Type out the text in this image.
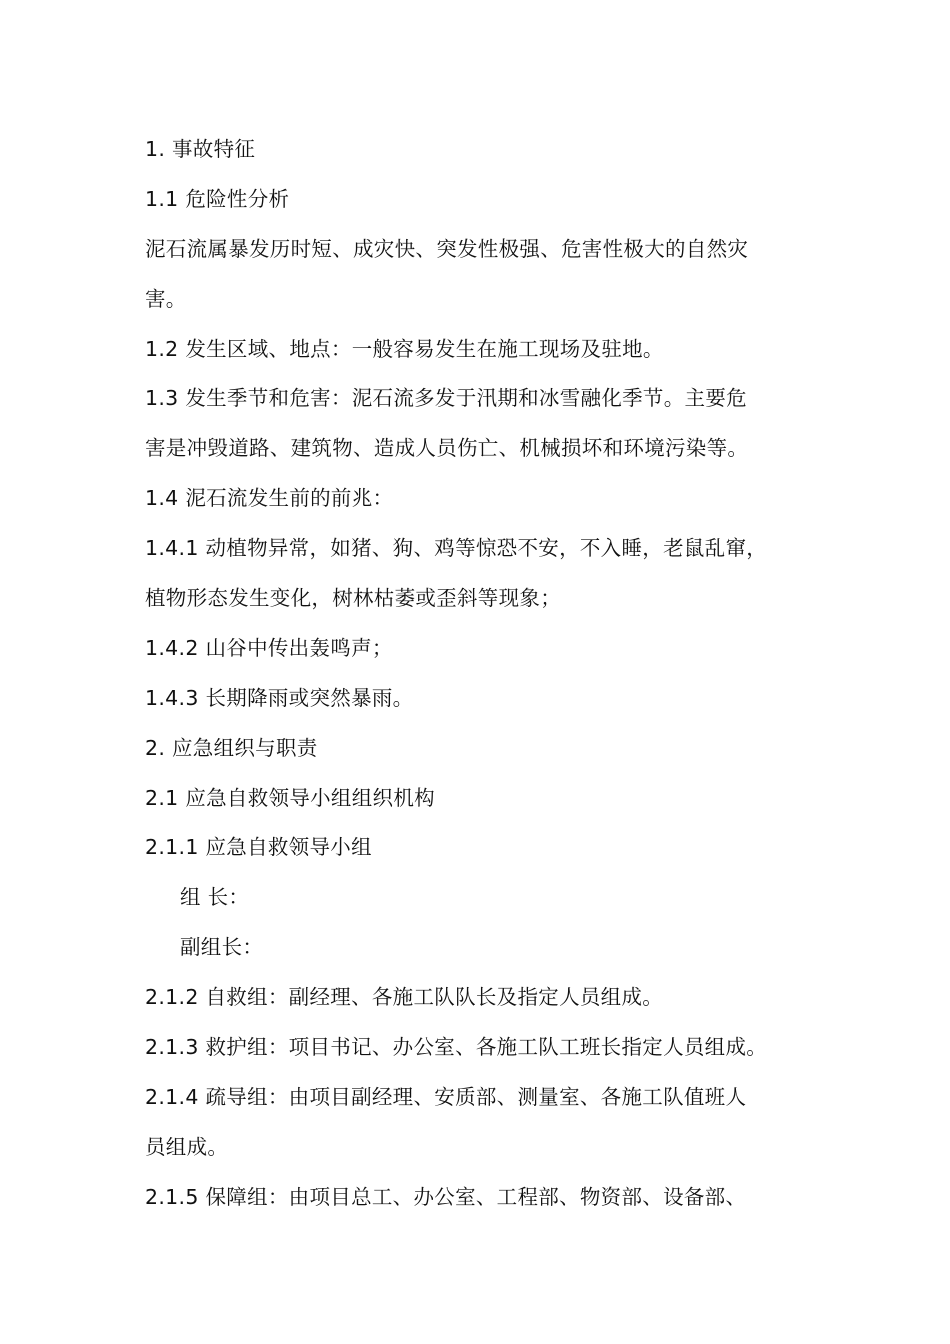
1. 事故特征
1.1 危险性分析
泥石流属暴发历时短、成灾快、突发性极强、危害性极大的自然灾
害。
1.2 发生区域、地点：一般容易发生在施工现场及驻地。
1.3 发生季节和危害：泥石流多发于汛期和冰雪融化季节。主要危
害是冲毁道路、建筑物、造成人员伤亡、机械损坏和环境污染等。
1.4 泥石流发生前的前兆：
1.4.1 动植物异常，如猪、狗、鸡等惊恐不安，不入睡，老鼠乱窜，
植物形态发生变化，树林枯萎或歪斜等现象；
1.4.2 山谷中传出轰鸣声；
1.4.3 长期降雨或突然暴雨。
2. 应急组织与职责
2.1 应急自救领导小组组织机构
2.1.1 应急自救领导小组
组 长：
副组长：
2.1.2 自救组：副经理、各施工队队长及指定人员组成。
2.1.3 救护组：项目书记、办公室、各施工队工班长指定人员组成。
2.1.4 疏导组：由项目副经理、安质部、测量室、各施工队值班人
员组成。
2.1.5 保障组：由项目总工、办公室、工程部、物资部、设备部、
